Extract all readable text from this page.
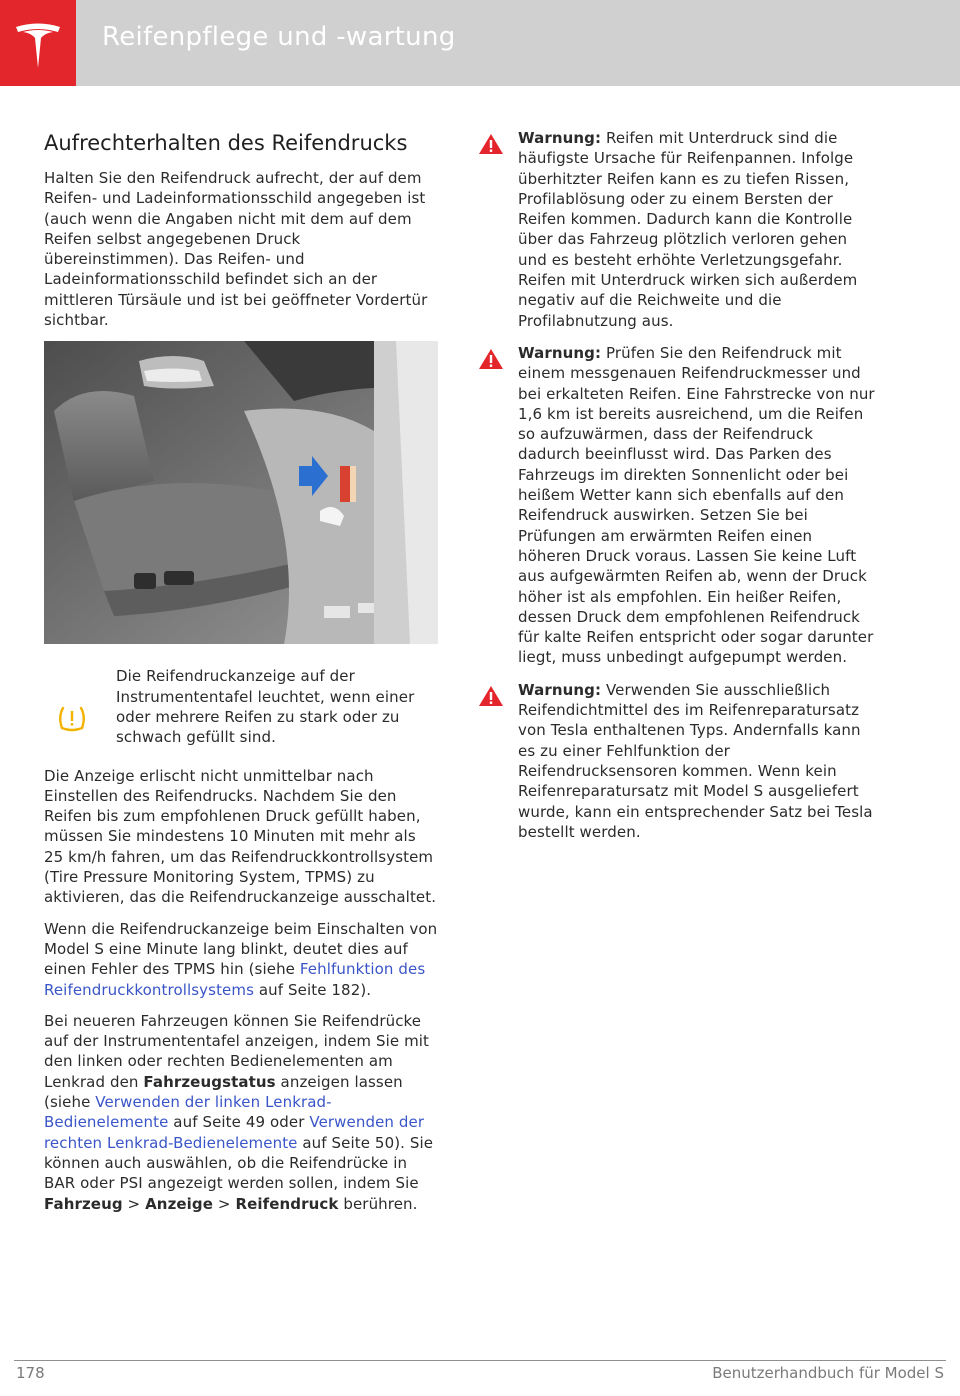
Reifenpflege und -wartung
Aufrechterhalten des Reifendrucks

Halten Sie den Reifendruck aufrecht, der auf dem Reifen- und Ladeinformationsschild angegeben ist (auch wenn die Angaben nicht mit dem auf dem Reifen selbst angegebenen Druck übereinstimmen). Das Reifen- und Ladeinformationsschild befindet sich an der mittleren Türsäule und ist bei geöffneter Vordertür sichtbar.

Die Reifendruckanzeige auf der Instrumententafel leuchtet, wenn einer oder mehrere Reifen zu stark oder zu schwach gefüllt sind.

Die Anzeige erlischt nicht unmittelbar nach Einstellen des Reifendrucks. Nachdem Sie den Reifen bis zum empfohlenen Druck gefüllt haben, müssen Sie mindestens 10 Minuten mit mehr als 25 km/h fahren, um das Reifendruckkontrollsystem (Tire Pressure Monitoring System, TPMS) zu aktivieren, das die Reifendruckanzeige ausschaltet.

Wenn die Reifendruckanzeige beim Einschalten von Model S eine Minute lang blinkt, deutet dies auf einen Fehler des TPMS hin (siehe Fehlfunktion des Reifendruckkontrollsystems auf Seite 182).

Bei neueren Fahrzeugen können Sie Reifendrücke auf der Instrumententafel anzeigen, indem Sie mit den linken oder rechten Bedienelementen am Lenkrad den Fahrzeugstatus anzeigen lassen (siehe Verwenden der linken Lenkrad-Bedienelemente auf Seite 49 oder Verwenden der rechten Lenkrad-Bedienelemente auf Seite 50). Sie können auch auswählen, ob die Reifendrücke in BAR oder PSI angezeigt werden sollen, indem Sie Fahrzeug > Anzeige > Reifendruck berühren.

Warnung: Reifen mit Unterdruck sind die häufigste Ursache für Reifenpannen. Infolge überhitzter Reifen kann es zu tiefen Rissen, Profilablösung oder zu einem Bersten der Reifen kommen. Dadurch kann die Kontrolle über das Fahrzeug plötzlich verloren gehen und es besteht erhöhte Verletzungsgefahr. Reifen mit Unterdruck wirken sich außerdem negativ auf die Reichweite und die Profilabnutzung aus.

Warnung: Prüfen Sie den Reifendruck mit einem messgenauen Reifendruckmesser und bei erkalteten Reifen. Eine Fahrstrecke von nur 1,6 km ist bereits ausreichend, um die Reifen so aufzuwärmen, dass der Reifendruck dadurch beeinflusst wird. Das Parken des Fahrzeugs im direkten Sonnenlicht oder bei heißem Wetter kann sich ebenfalls auf den Reifendruck auswirken. Setzen Sie bei Prüfungen am erwärmten Reifen einen höheren Druck voraus. Lassen Sie keine Luft aus aufgewärmten Reifen ab, wenn der Druck höher ist als empfohlen. Ein heißer Reifen, dessen Druck dem empfohlenen Reifendruck für kalte Reifen entspricht oder sogar darunter liegt, muss unbedingt aufgepumpt werden.

Warnung: Verwenden Sie ausschließlich Reifendichtmittel des im Reifenreparatursatz von Tesla enthaltenen Typs. Andernfalls kann es zu einer Fehlfunktion der Reifendrucksensoren kommen. Wenn kein Reifenreparatursatz mit Model S ausgeliefert wurde, kann ein entsprechender Satz bei Tesla bestellt werden.

178	Benutzerhandbuch für Model S
